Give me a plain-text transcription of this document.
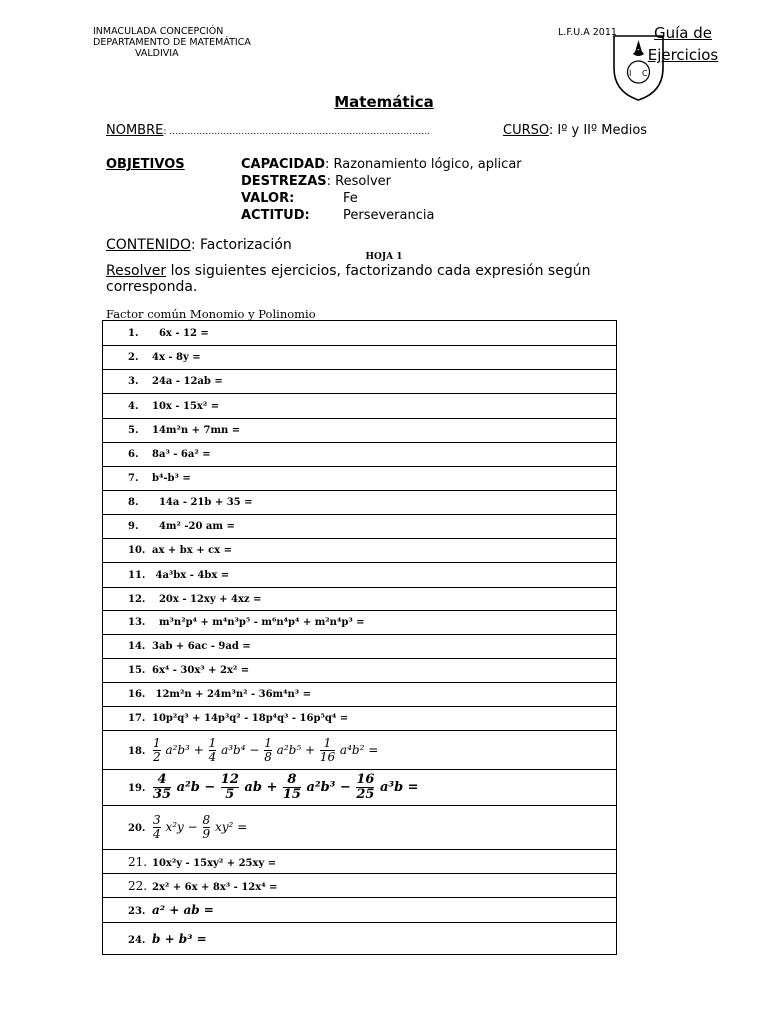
INMACULADA CONCEPCIÓN
DEPARTAMENTO DE MATEMÁTICA
VALDIVIA
L.F.U.A 2011
I C
Guía de Ejercicios
Matemática
NOMBRE: ……………………………………………………………………………	CURSO: Iº y IIº Medios
OBJETIVOS	CAPACIDAD: Razonamiento lógico, aplicar
DESTREZAS: Resolver
VALOR:	Fe
ACTITUD:	Perseverancia
CONTENIDO: Factorización
HOJA 1
Resolver los siguientes ejercicios, factorizando cada expresión según
corresponda.
Factor común Monomio y Polinomio
1.  6x - 12 =
2. 4x - 8y =
3. 24a - 12ab =
4. 10x - 15x² =
5. 14m²n + 7mn =
6. 8a³ - 6a² =
7. b⁴-b³ =
8.  14a - 21b + 35 =
9.  4m² -20 am =
10. ax + bx + cx =
11. 4a³bx - 4bx =
12.  20x - 12xy + 4xz =
13.  m³n²p⁴ + m⁴n³p⁵ - m⁶n⁴p⁴ + m²n⁴p³ =
14. 3ab + 6ac - 9ad =
15. 6x⁴ - 30x³ + 2x² =
16. 12m²n + 24m³n² - 36m⁴n³ =
17. 10p²q³ + 14p³q² - 18p⁴q³ - 16p⁵q⁴ =
18. $\frac{1}{2} a^2b^3 + \frac{1}{4} a^3b^4 - \frac{1}{8} a^2b^5 + \frac{1}{16} a^4b^2$ =
19. $\frac{4}{35} a^2b - \frac{12}{5}$ ab + $\frac{8}{15} a^2b^3 - \frac{16}{25} a^3b$ =
20. $\frac{3}{4} x^2y - \frac{8}{9} xy^2$ =
21. 10x²y - 15xy² + 25xy =
22. 2x² + 6x + 8x³ - 12x⁴ =
23. a² + ab =
24. b + b³ =
